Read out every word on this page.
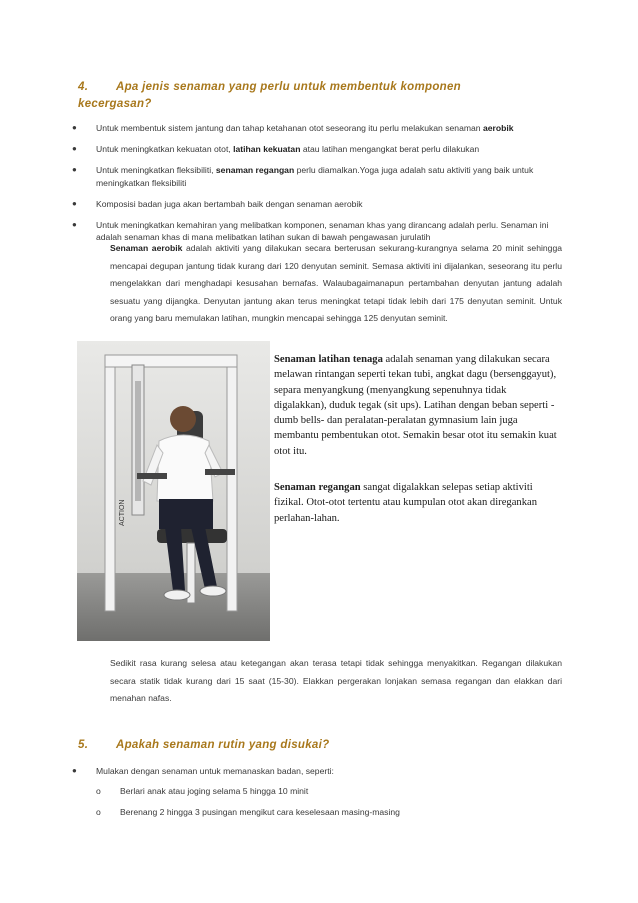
4. Apa jenis senaman yang perlu untuk membentuk komponen
kecergasan?
● Untuk membentuk sistem jantung dan tahap ketahanan otot seseorang itu perlu melakukan senaman aerobik
● Untuk meningkatkan kekuatan otot, latihan kekuatan atau latihan mengangkat berat perlu dilakukan
● Untuk meningkatkan fleksibiliti, senaman regangan perlu diamalkan.Yoga juga adalah satu aktiviti yang baik untuk meningkatkan fleksibiliti
● Komposisi badan juga akan bertambah baik dengan senaman aerobik
● Untuk meningkatkan kemahiran yang melibatkan komponen, senaman khas yang dirancang adalah perlu. Senaman ini adalah senaman khas di mana melibatkan latihan sukan di bawah pengawasan jurulatih
Senaman aerobik adalah aktiviti yang dilakukan secara berterusan sekurang-kurangnya selama 20 minit sehingga mencapai degupan jantung tidak kurang dari 120 denyutan seminit. Semasa aktiviti ini dijalankan, seseorang itu perlu mengelakkan dari menghadapi kesusahan bernafas. Walaubagaimanapun pertambahan denyutan jantung adalah sesuatu yang dijangka. Denyutan jantung akan terus meningkat tetapi tidak lebih dari 175 denyutan seminit. Untuk orang yang baru memulakan latihan, mungkin mencapai sehingga 125 denyutan seminit.
ACTION
Senaman latihan tenaga adalah senaman yang dilakukan secara melawan rintangan seperti tekan tubi, angkat dagu (bersenggayut), separa menyangkung (menyangkung sepenuhnya tidak digalakkan), duduk tegak (sit ups). Latihan dengan beban seperti -dumb bells- dan peralatan-peralatan gymnasium lain juga membantu pembentukan otot. Semakin besar otot itu semakin kuat otot itu.
Senaman regangan sangat digalakkan selepas setiap aktiviti fizikal. Otot-otot tertentu atau kumpulan otot akan diregankan perlahan-lahan.
Sedikit rasa kurang selesa atau ketegangan akan terasa tetapi tidak sehingga menyakitkan. Regangan dilakukan secara statik tidak kurang dari 15 saat (15-30). Elakkan pergerakan lonjakan semasa regangan dan elakkan dari menahan nafas.
5. Apakah senaman rutin yang disukai?
● Mulakan dengan senaman untuk memanaskan badan, seperti:
o Berlari anak atau joging selama 5 hingga 10 minit
o Berenang 2 hingga 3 pusingan mengikut cara keselesaan masing-masing
